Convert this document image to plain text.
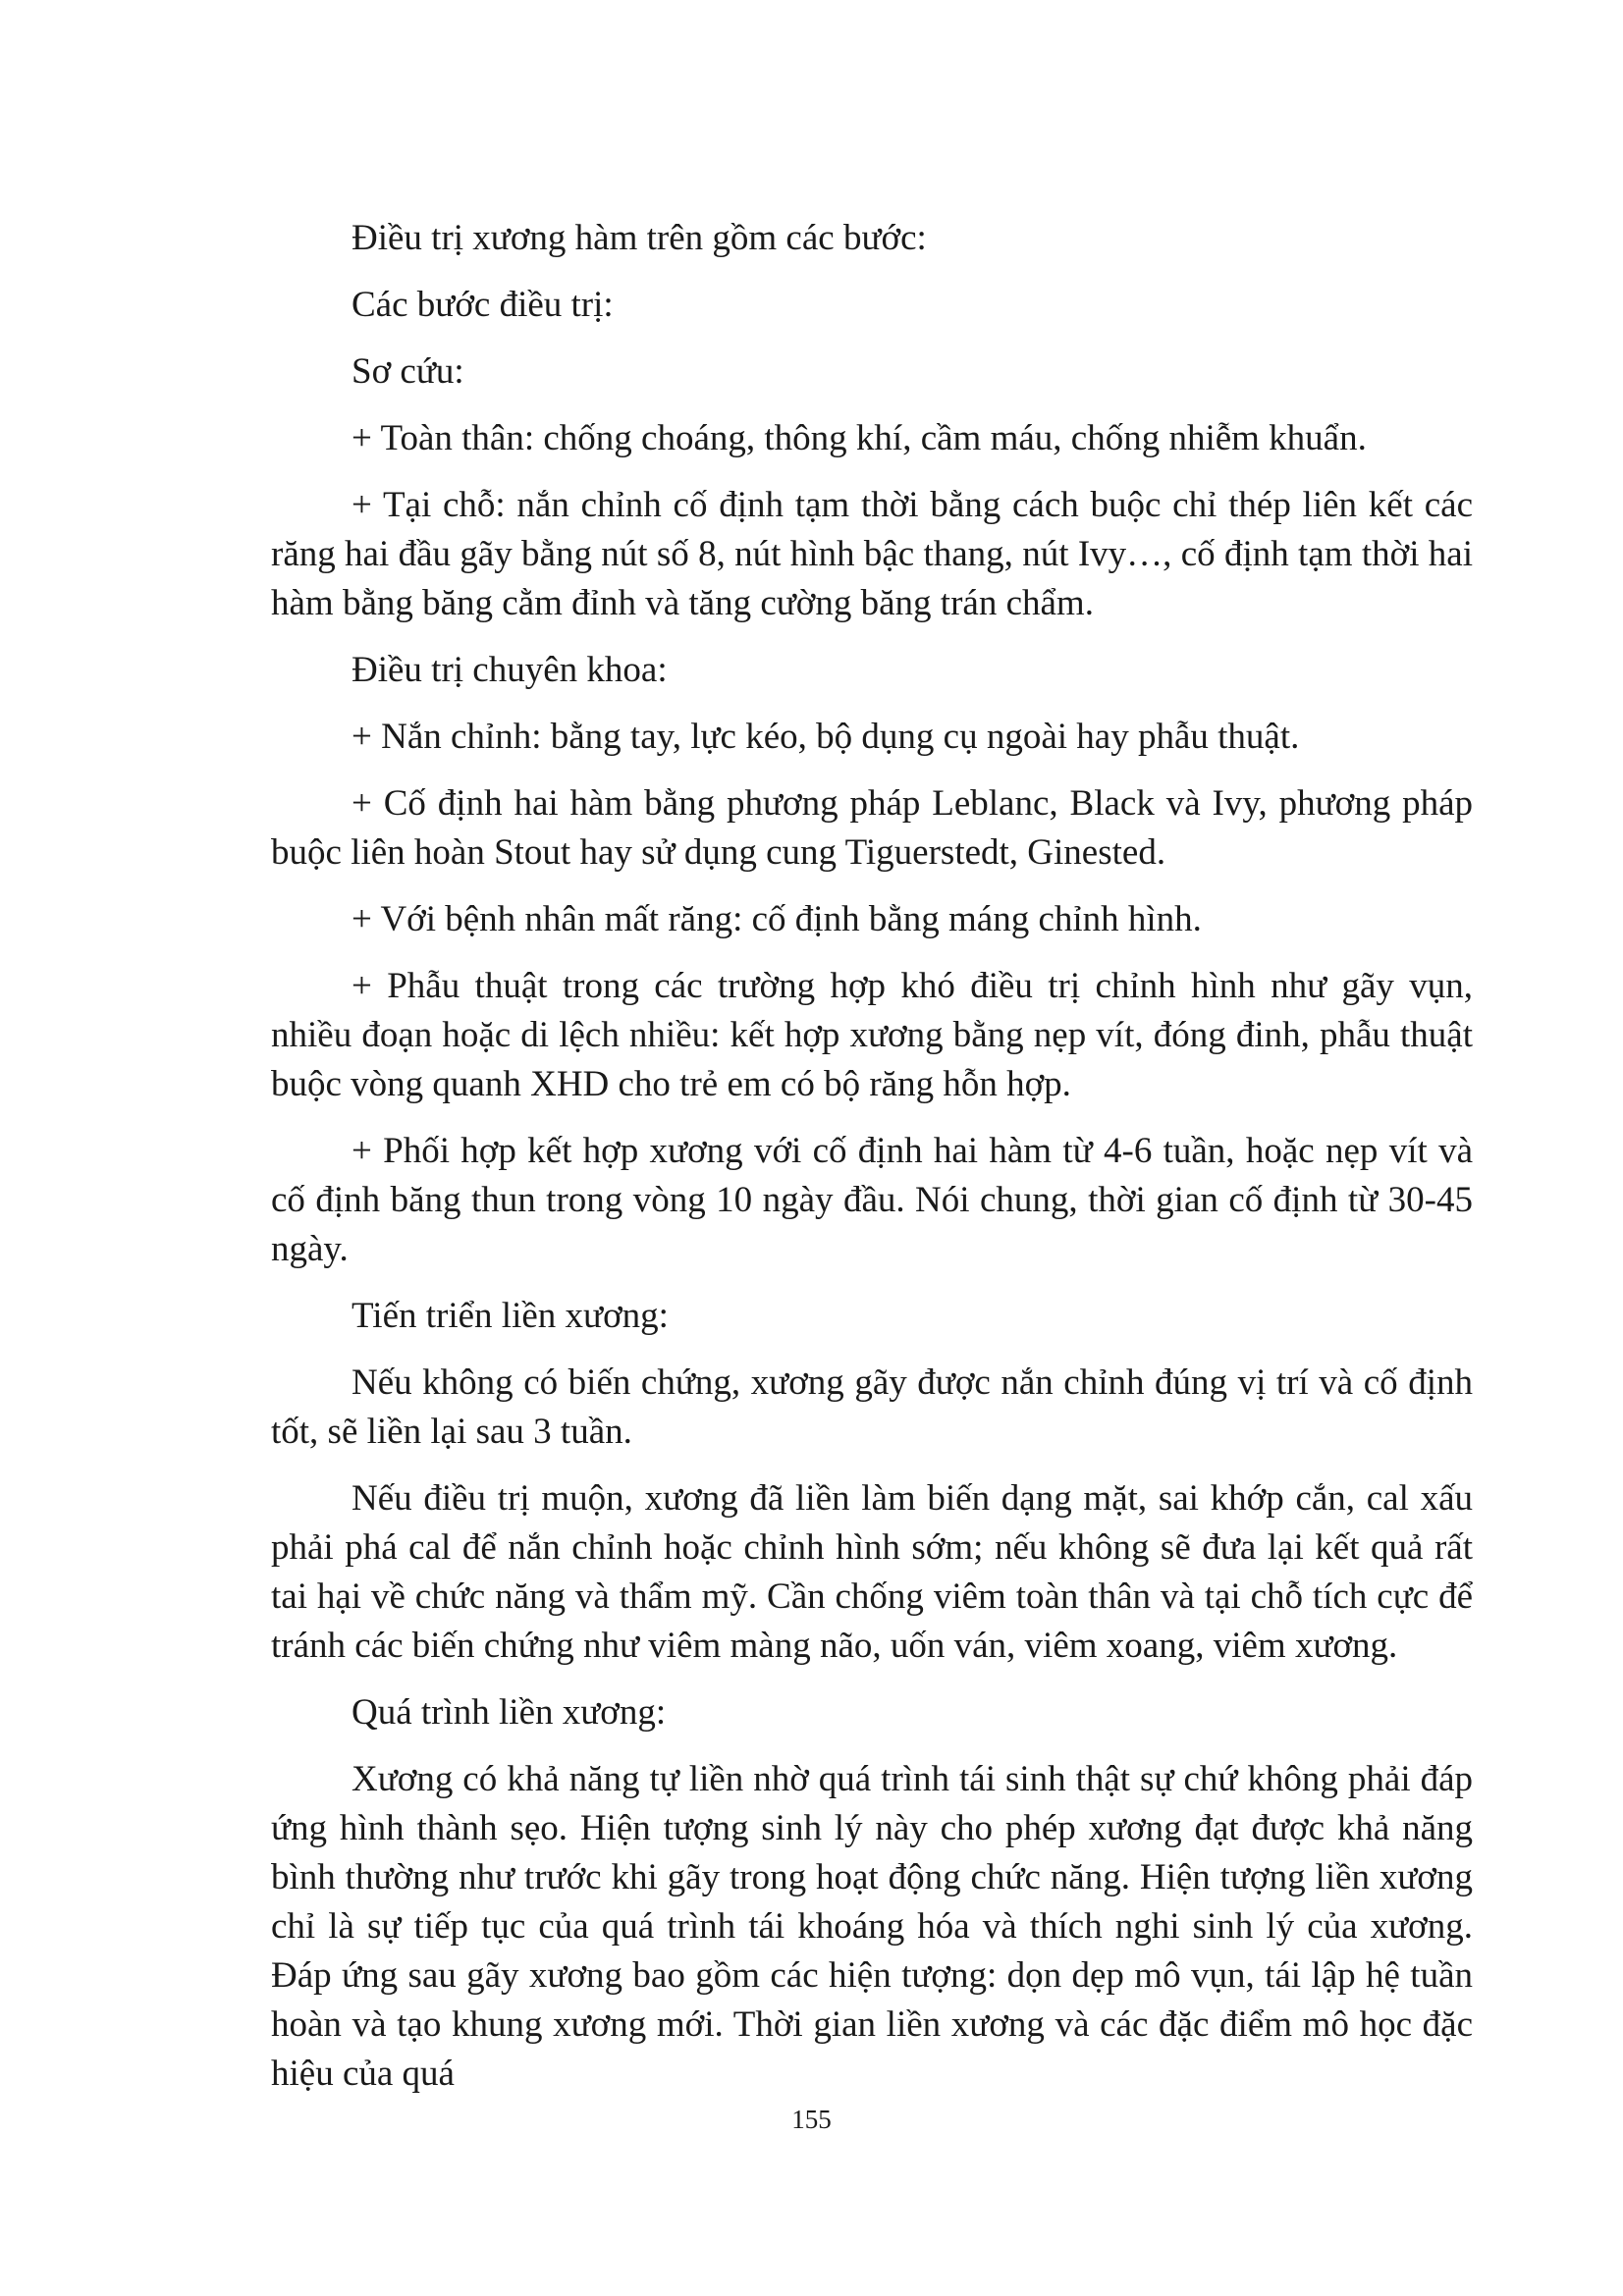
Điều trị xương hàm trên gồm các bước:

Các bước điều trị:

Sơ cứu:

+ Toàn thân: chống choáng, thông khí, cầm máu, chống nhiễm khuẩn.

+ Tại chỗ: nắn chỉnh cố định tạm thời bằng cách buộc chỉ thép liên kết các răng hai đầu gãy bằng nút số 8, nút hình bậc thang, nút Ivy…, cố định tạm thời hai hàm bằng băng cằm đỉnh và tăng cường băng trán chẩm.

Điều trị chuyên khoa:

+ Nắn chỉnh: bằng tay, lực kéo, bộ dụng cụ ngoài hay phẫu thuật.

+ Cố định hai hàm bằng phương pháp Leblanc, Black và Ivy, phương pháp buộc liên hoàn Stout hay sử dụng cung Tiguerstedt, Ginested.

+ Với bệnh nhân mất răng: cố định bằng máng chỉnh hình.

+ Phẫu thuật trong các trường hợp khó điều trị chỉnh hình như gãy vụn, nhiều đoạn hoặc di lệch nhiều: kết hợp xương bằng nẹp vít, đóng đinh, phẫu thuật buộc vòng quanh XHD cho trẻ em có bộ răng hỗn hợp.

+ Phối hợp kết hợp xương với cố định hai hàm từ 4-6 tuần, hoặc nẹp vít và cố định băng thun trong vòng 10 ngày đầu. Nói chung, thời gian cố định từ 30-45 ngày.

Tiến triển liền xương:

Nếu không có biến chứng, xương gãy được nắn chỉnh đúng vị trí và cố định tốt, sẽ liền lại sau 3 tuần.

Nếu điều trị muộn, xương đã liền làm biến dạng mặt, sai khớp cắn, cal xấu phải phá cal để nắn chỉnh hoặc chỉnh hình sớm; nếu không sẽ đưa lại kết quả rất tai hại về chức năng và thẩm mỹ. Cần chống viêm toàn thân và tại chỗ tích cực để tránh các biến chứng như viêm màng não, uốn ván, viêm xoang, viêm xương.

Quá trình liền xương:

Xương có khả năng tự liền nhờ quá trình tái sinh thật sự chứ không phải đáp ứng hình thành sẹo. Hiện tượng sinh lý này cho phép xương đạt được khả năng bình thường như trước khi gãy trong hoạt động chức năng. Hiện tượng liền xương chỉ là sự tiếp tục của quá trình tái khoáng hóa và thích nghi sinh lý của xương. Đáp ứng sau gãy xương bao gồm các hiện tượng: dọn dẹp mô vụn, tái lập hệ tuần hoàn và tạo khung xương mới. Thời gian liền xương và các đặc điểm mô học đặc hiệu của quá

155
